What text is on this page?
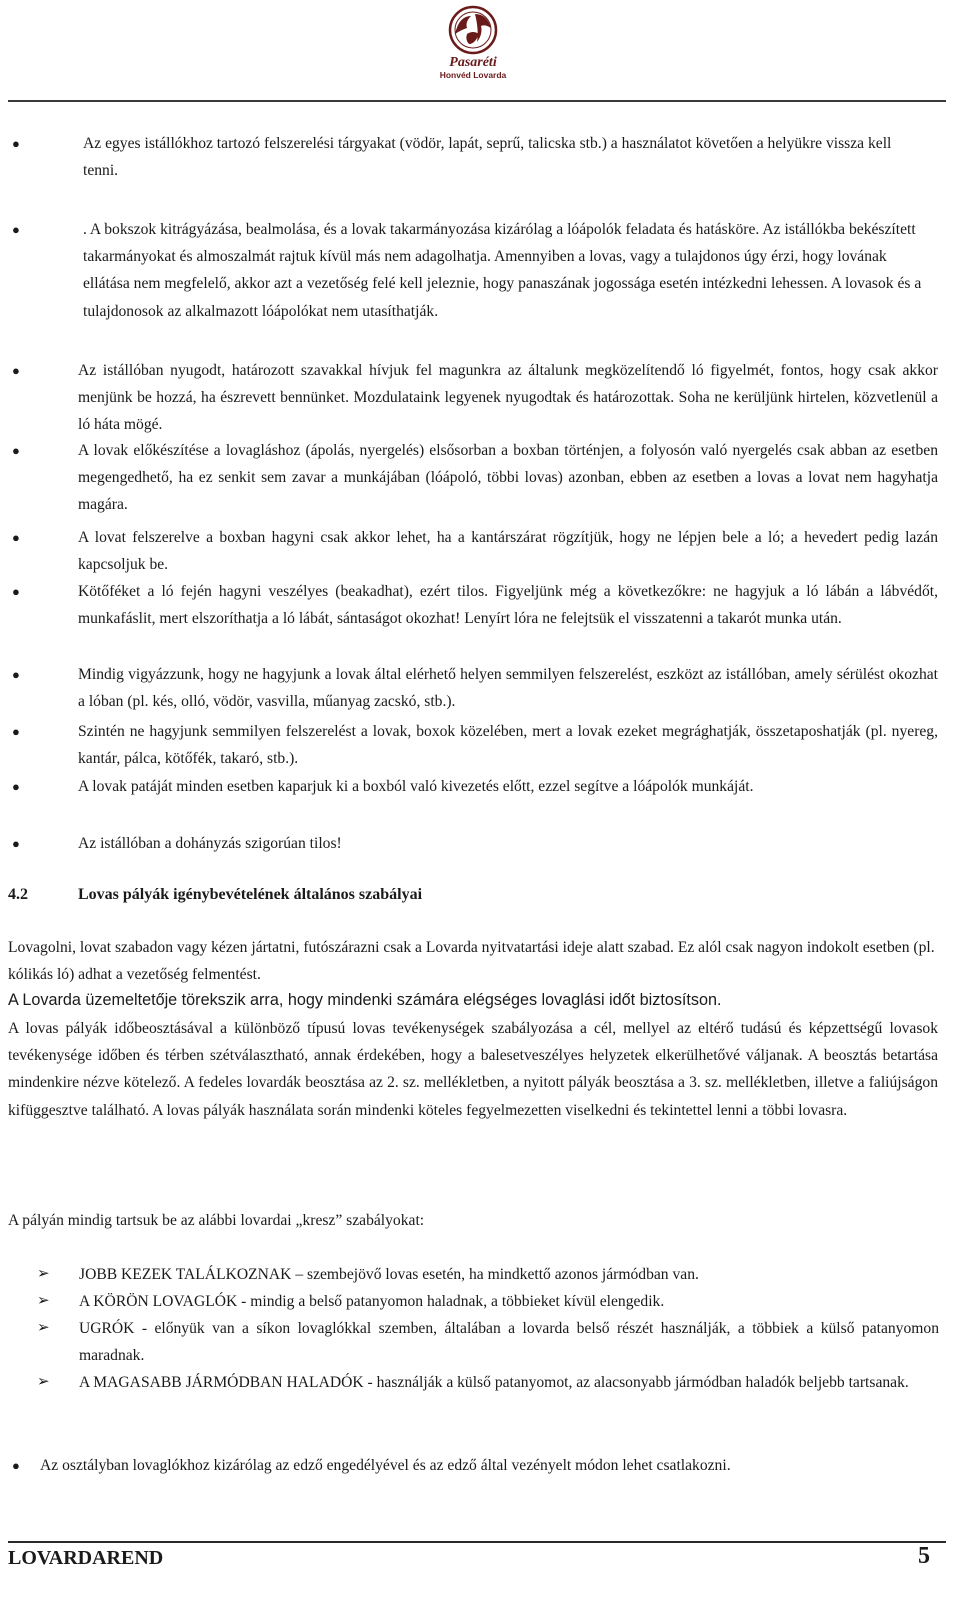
Pasaréti
Honvéd Lovarda
●	Az egyes istállókhoz tartozó felszerelési tárgyakat (vödör, lapát, seprű, talicska stb.) a használatot követően a helyükre vissza kell tenni.
●	. A bokszok kitrágyázása, bealmolása, és a lovak takarmányozása kizárólag a lóápolók feladata és hatásköre. Az istállókba bekészített takarmányokat és almoszalmát rajtuk kívül más nem adagolhatja. Amennyiben a lovas, vagy a tulajdonos úgy érzi, hogy lovának ellátása nem megfelelő, akkor azt a vezetőség felé kell jeleznie, hogy panaszának jogossága esetén intézkedni lehessen. A lovasok és a tulajdonosok az alkalmazott lóápolókat nem utasíthatják.
●	Az istállóban nyugodt, határozott szavakkal hívjuk fel magunkra az általunk megközelítendő ló figyelmét, fontos, hogy csak akkor menjünk be hozzá, ha észrevett bennünket. Mozdulataink legyenek nyugodtak és határozottak. Soha ne kerüljünk hirtelen, közvetlenül a ló háta mögé.
●	A lovak előkészítése a lovagláshoz (ápolás, nyergelés) elsősorban a boxban történjen, a folyosón való nyergelés csak abban az esetben megengedhető, ha ez senkit sem zavar a munkájában (lóápoló, többi lovas) azonban, ebben az esetben a lovas a lovat nem hagyhatja magára.
●	A lovat felszerelve a boxban hagyni csak akkor lehet, ha a kantárszárat rögzítjük, hogy ne lépjen bele a ló; a hevedert pedig lazán kapcsoljuk be.
●	Kötőféket a ló fején hagyni veszélyes (beakadhat), ezért tilos. Figyeljünk még a következőkre: ne hagyjuk a ló lábán a lábvédőt, munkafáslit, mert elszoríthatja a ló lábát, sántaságot okozhat! Lenyírt lóra ne felejtsük el visszatenni a takarót munka után.
●	Mindig vigyázzunk, hogy ne hagyjunk a lovak által elérhető helyen semmilyen felszerelést, eszközt az istállóban, amely sérülést okozhat a lóban (pl. kés, olló, vödör, vasvilla, műanyag zacskó, stb.).
●	Szintén ne hagyjunk semmilyen felszerelést a lovak, boxok közelében, mert a lovak ezeket megrághatják, összetaposhatják (pl. nyereg, kantár, pálca, kötőfék, takaró, stb.).
●	A lovak patáját minden esetben kaparjuk ki a boxból való kivezetés előtt, ezzel segítve a lóápolók munkáját.
●	Az istállóban a dohányzás szigorúan tilos!
4.2	Lovas pályák igénybevételének általános szabályai
Lovagolni, lovat szabadon vagy kézen jártatni, futószárazni csak a Lovarda nyitvatartási ideje alatt szabad. Ez alól csak nagyon indokolt esetben (pl. kólikás ló) adhat a vezetőség felmentést.
A Lovarda üzemeltetője törekszik arra, hogy mindenki számára elégséges lovaglási időt biztosítson.
A lovas pályák időbeosztásával a különböző típusú lovas tevékenységek szabályozása a cél, mellyel az eltérő tudású és képzettségű lovasok tevékenysége időben és térben szétválasztható, annak érdekében, hogy a balesetveszélyes helyzetek elkerülhetővé váljanak. A beosztás betartása mindenkire nézve kötelező. A fedeles lovardák beosztása az 2. sz. mellékletben, a nyitott pályák beosztása a 3. sz. mellékletben, illetve a faliújságon kifüggesztve található. A lovas pályák használata során mindenki köteles fegyelmezetten viselkedni és tekintettel lenni a többi lovasra.
A pályán mindig tartsuk be az alábbi lovardai „kresz” szabályokat:
➢ JOBB KEZEK TALÁLKOZNAK – szembejövő lovas esetén, ha mindkettő azonos jármódban van.
➢ A KÖRÖN LOVAGLÓK - mindig a belső patanyomon haladnak, a többieket kívül elengedik.
➢ UGRÓK - előnyük van a síkon lovaglókkal szemben, általában a lovarda belső részét használják, a többiek a külső patanyomon maradnak.
➢ A MAGASABB JÁRMÓDBAN HALADÓK - használják a külső patanyomot, az alacsonyabb jármódban haladók beljebb tartsanak.
● Az osztályban lovaglókhoz kizárólag az edző engedélyével és az edző által vezényelt módon lehet csatlakozni.
LOVARDAREND	5
